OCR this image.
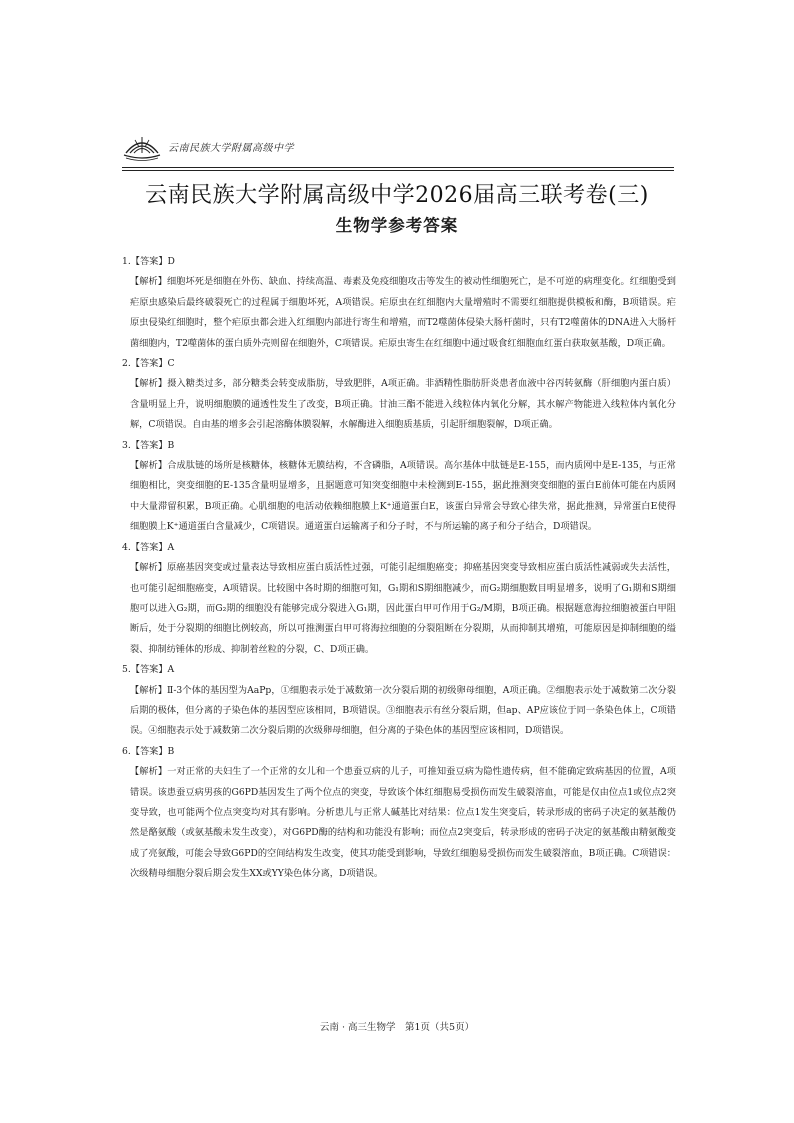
云南民族大学附属高级中学
云南民族大学附属高级中学2026届高三联考卷(三)
生物学参考答案

1.【答案】D

【解析】细胞坏死是细胞在外伤、缺血、持续高温、毒素及免疫细胞攻击等发生的被动性细胞死亡，是不可逆的病理变化。红细胞受到疟原虫感染后最终破裂死亡的过程属于细胞坏死，A项错误。疟原虫在红细胞内大量增殖时不需要红细胞提供模板和酶，B项错误。疟原虫侵染红细胞时，整个疟原虫都会进入红细胞内部进行寄生和增殖，而T2噬菌体侵染大肠杆菌时，只有T2噬菌体的DNA进入大肠杆菌细胞内，T2噬菌体的蛋白质外壳则留在细胞外，C项错误。疟原虫寄生在红细胞中通过吸食红细胞血红蛋白获取氨基酸，D项正确。

2.【答案】C

【解析】摄入糖类过多，部分糖类会转变成脂肪，导致肥胖，A项正确。非酒精性脂肪肝炎患者血液中谷丙转氨酶（肝细胞内蛋白质）含量明显上升，说明细胞膜的通透性发生了改变，B项正确。甘油三酯不能进入线粒体内氧化分解，其水解产物能进入线粒体内氧化分解，C项错误。自由基的增多会引起溶酶体膜裂解，水解酶进入细胞质基质，引起肝细胞裂解，D项正确。

3.【答案】B

【解析】合成肽链的场所是核糖体，核糖体无膜结构，不含磷脂，A项错误。高尔基体中肽链是E-155，而内质网中是E-135，与正常细胞相比，突变细胞的E-135含量明显增多，且据题意可知突变细胞中未检测到E-155，据此推测突变细胞的蛋白E前体可能在内质网中大量滞留积累，B项正确。心肌细胞的电活动依赖细胞膜上K⁺通道蛋白E，该蛋白异常会导致心律失常，据此推测，异常蛋白E使得细胞膜上K⁺通道蛋白含量减少，C项错误。通道蛋白运输离子和分子时，不与所运输的离子和分子结合，D项错误。

4.【答案】A

【解析】原癌基因突变或过量表达导致相应蛋白质活性过强，可能引起细胞癌变；抑癌基因突变导致相应蛋白质活性减弱或失去活性，也可能引起细胞癌变，A项错误。比较图中各时期的细胞可知，G₁期和S期细胞减少，而G₂期细胞数目明显增多，说明了G₁期和S期细胞可以进入G₂期，而G₂期的细胞没有能够完成分裂进入G₁期，因此蛋白甲可作用于G₂/M期，B项正确。根据题意海拉细胞被蛋白甲阻断后，处于分裂期的细胞比例较高，所以可推测蛋白甲可将海拉细胞的分裂阻断在分裂期，从而抑制其增殖，可能原因是抑制细胞的缢裂、抑制纺锤体的形成、抑制着丝粒的分裂，C、D项正确。

5.【答案】A

【解析】Ⅱ-3个体的基因型为AaPp，①细胞表示处于减数第一次分裂后期的初级卵母细胞，A项正确。②细胞表示处于减数第二次分裂后期的极体，但分离的子染色体的基因型应该相同，B项错误。③细胞表示有丝分裂后期，但ap、AP应该位于同一条染色体上，C项错误。④细胞表示处于减数第二次分裂后期的次级卵母细胞，但分离的子染色体的基因型应该相同，D项错误。

6.【答案】B

【解析】一对正常的夫妇生了一个正常的女儿和一个患蚕豆病的儿子，可推知蚕豆病为隐性遗传病，但不能确定致病基因的位置，A项错误。该患蚕豆病男孩的G6PD基因发生了两个位点的突变，导致该个体红细胞易受损伤而发生破裂溶血，可能是仅由位点1或位点2突变导致，也可能两个位点突变均对其有影响。分析患儿与正常人碱基比对结果：位点1发生突变后，转录形成的密码子决定的氨基酸仍然是酪氨酸（或氨基酸未发生改变），对G6PD酶的结构和功能没有影响；而位点2突变后，转录形成的密码子决定的氨基酸由精氨酸变成了亮氨酸，可能会导致G6PD的空间结构发生改变，使其功能受到影响，导致红细胞易受损伤而发生破裂溶血，B项正确。C项错误：次级精母细胞分裂后期会发生XX或YY染色体分离，D项错误。

云南 · 高三生物学　第1页（共5页）
